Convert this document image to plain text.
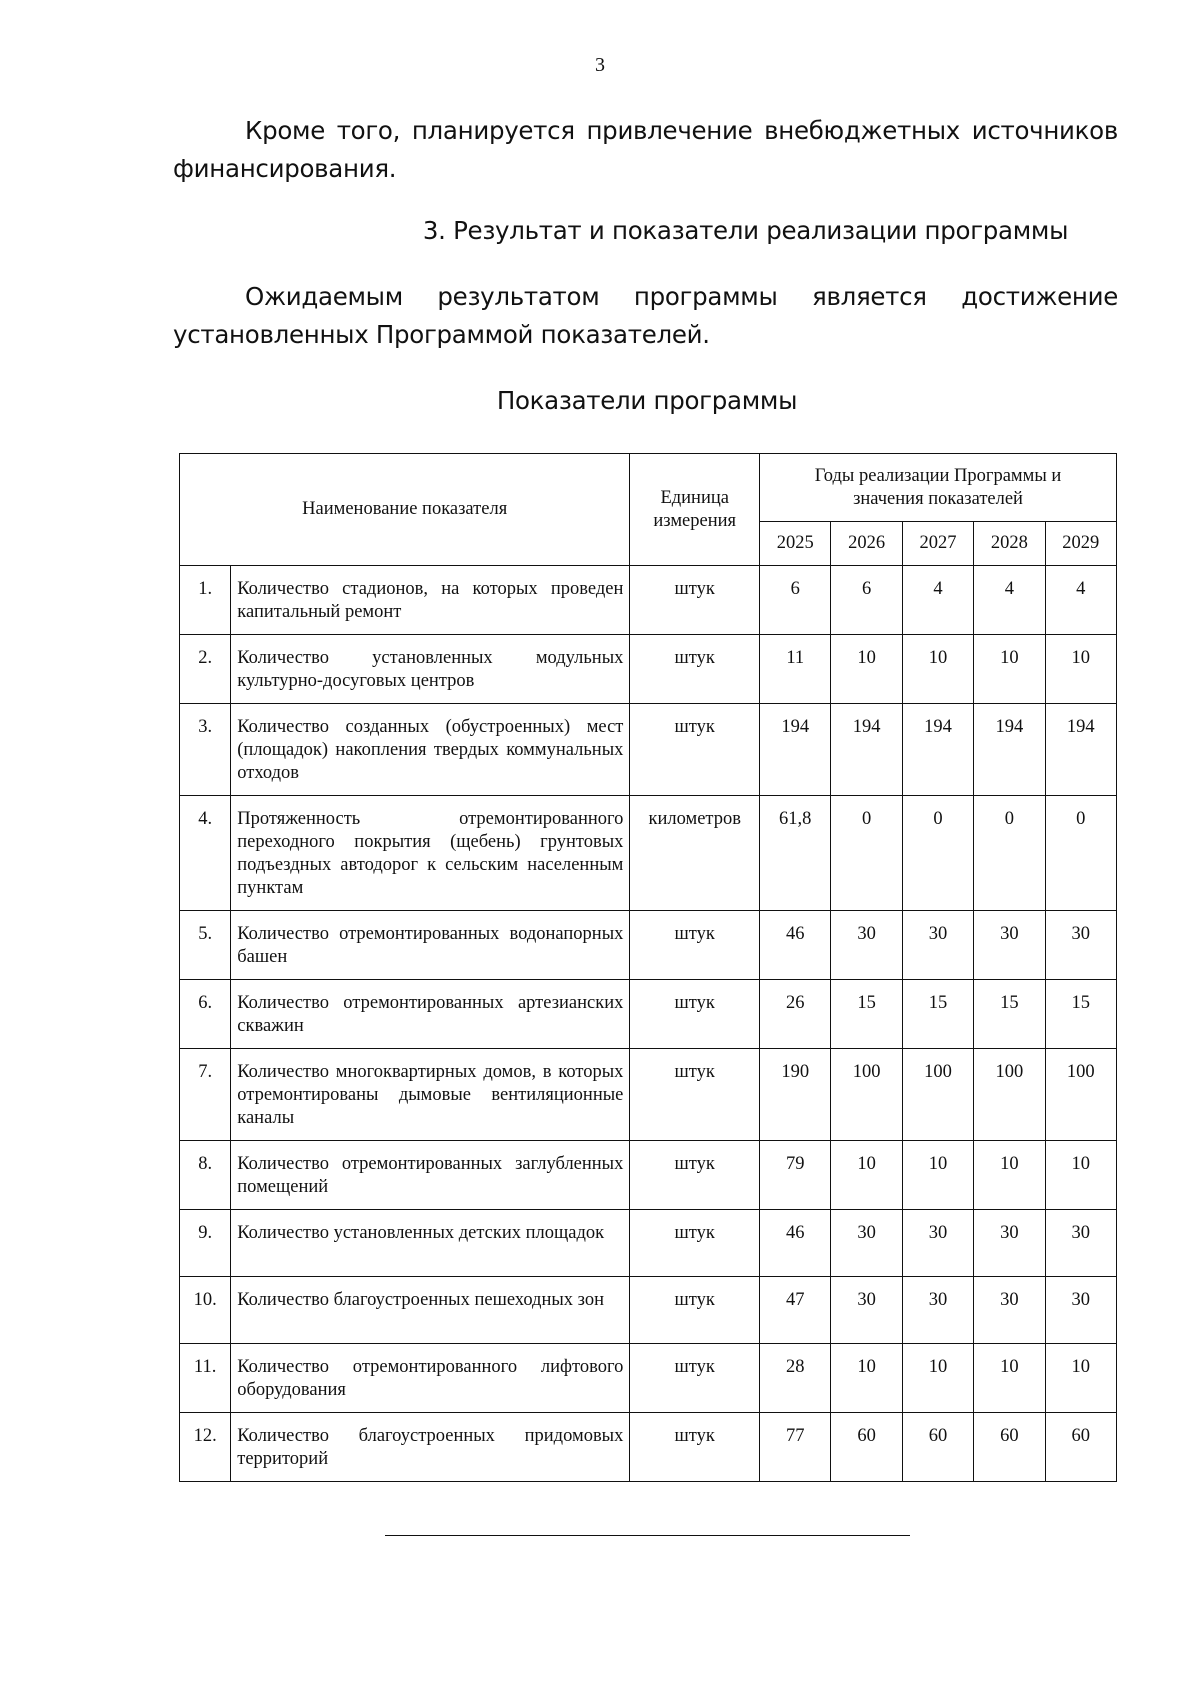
3

Кроме того, планируется привлечение внебюджетных источников финансирования.

3. Результат и показатели реализации программы

Ожидаемым результатом программы является достижение установленных Программой показателей.

Показатели программы
Наименование показателя		Единица измерения	Годы реализации Программы и значения показателей				
			2025	2026	2027	2028	2029
1.	Количество стадионов, на которых проведен капитальный ремонт	штук	6	6	4	4	4
2.	Количество установленных модульных культурно-досуговых центров	штук	11	10	10	10	10
3.	Количество созданных (обустроенных) мест (площадок) накопления твердых коммунальных отходов	штук	194	194	194	194	194
4.	Протяженность отремонтированного переходного покрытия (щебень) грунтовых подъездных автодорог к сельским населенным пунктам	километров	61,8	0	0	0	0
5.	Количество отремонтированных водонапорных башен	штук	46	30	30	30	30
6.	Количество отремонтированных артезианских скважин	штук	26	15	15	15	15
7.	Количество многоквартирных домов, в которых отремонтированы дымовые вентиляционные каналы	штук	190	100	100	100	100
8.	Количество отремонтированных заглубленных помещений	штук	79	10	10	10	10
9.	Количество установленных детских площадок	штук	46	30	30	30	30
10.	Количество благоустроенных пешеходных зон	штук	47	30	30	30	30
11.	Количество отремонтированного лифтового оборудования	штук	28	10	10	10	10
12.	Количество благоустроенных придомовых территорий	штук	77	60	60	60	60
